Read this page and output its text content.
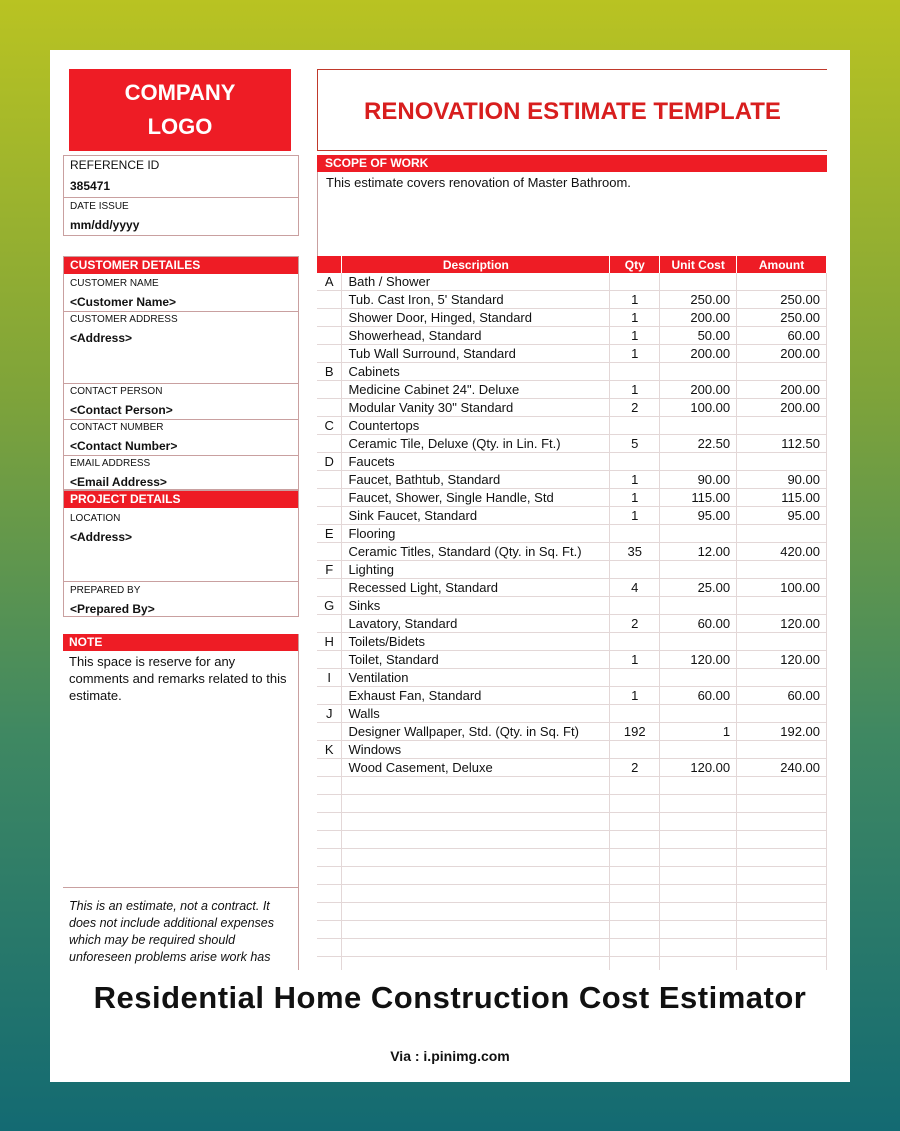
COMPANY
LOGO
RENOVATION ESTIMATE TEMPLATE
REFERENCE ID
385471
DATE ISSUE
mm/dd/yyyy
CUSTOMER DETAILES
CUSTOMER NAME
<Customer Name>
CUSTOMER ADDRESS
<Address>
CONTACT PERSON
<Contact Person>
CONTACT NUMBER
<Contact Number>
EMAIL ADDRESS
<Email Address>
PROJECT DETAILS
LOCATION
<Address>
PREPARED BY
<Prepared By>
NOTE
This space is reserve for any comments and remarks related to this estimate.
This is an estimate, not a contract. It does not include additional expenses which may be required should unforeseen problems arise work has
SCOPE OF WORK
This estimate covers renovation of Master Bathroom.
	Description	Qty	Unit Cost	Amount
A	Bath / Shower			
	Tub. Cast Iron, 5' Standard	1	250.00	250.00
	Shower Door, Hinged, Standard	1	200.00	250.00
	Showerhead, Standard	1	50.00	60.00
	Tub Wall Surround, Standard	1	200.00	200.00
B	Cabinets			
	Medicine Cabinet 24". Deluxe	1	200.00	200.00
	Modular Vanity 30" Standard	2	100.00	200.00
C	Countertops			
	Ceramic Tile, Deluxe (Qty. in Lin. Ft.)	5	22.50	112.50
D	Faucets			
	Faucet, Bathtub, Standard	1	90.00	90.00
	Faucet, Shower, Single Handle, Std	1	115.00	115.00
	Sink Faucet, Standard	1	95.00	95.00
E	Flooring			
	Ceramic Titles, Standard (Qty. in Sq. Ft.)	35	12.00	420.00
F	Lighting			
	Recessed Light, Standard	4	25.00	100.00
G	Sinks			
	Lavatory, Standard	2	60.00	120.00
H	Toilets/Bidets			
	Toilet, Standard	1	120.00	120.00
I	Ventilation			
	Exhaust Fan, Standard	1	60.00	60.00
J	Walls			
	Designer Wallpaper, Std. (Qty. in Sq. Ft)	192	1	192.00
K	Windows			
	Wood Casement, Deluxe	2	120.00	240.00

Residential Home Construction Cost Estimator
Via : i.pinimg.com
